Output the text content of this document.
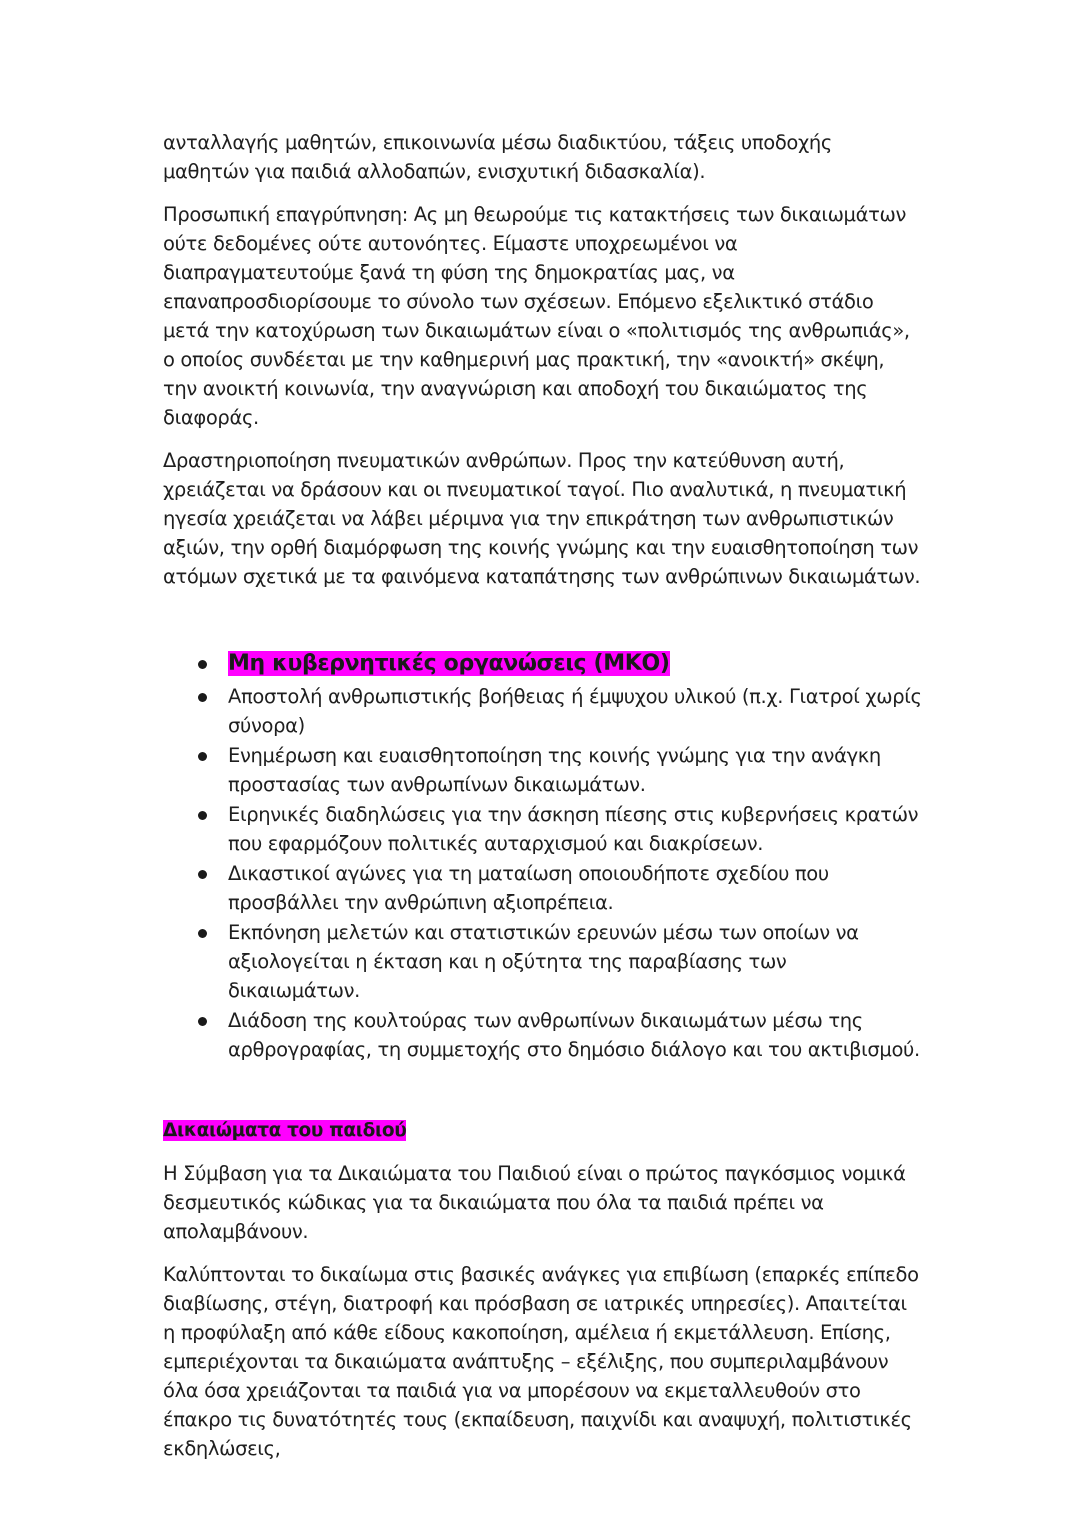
ανταλλαγής μαθητών, επικοινωνία μέσω διαδικτύου, τάξεις υποδοχής μαθητών για παιδιά αλλοδαπών, ενισχυτική διδασκαλία).

Προσωπική επαγρύπνηση: Ας μη θεωρούμε τις κατακτήσεις των δικαιωμάτων ούτε δεδομένες ούτε αυτονόητες. Είμαστε υποχρεωμένοι να διαπραγματευτούμε ξανά τη φύση της δημοκρατίας μας, να επαναπροσδιορίσουμε το σύνολο των σχέσεων. Επόμενο εξελικτικό στάδιο μετά την κατοχύρωση των δικαιωμάτων είναι ο «πολιτισμός της ανθρωπιάς», ο οποίος συνδέεται με την καθημερινή μας πρακτική, την «ανοικτή» σκέψη, την ανοικτή κοινωνία, την αναγνώριση και αποδοχή του δικαιώματος της διαφοράς.

Δραστηριοποίηση πνευματικών ανθρώπων. Προς την κατεύθυνση αυτή, χρειάζεται να δράσουν και οι πνευματικοί ταγοί. Πιο αναλυτικά, η πνευματική ηγεσία χρειάζεται να λάβει μέριμνα για την επικράτηση των ανθρωπιστικών αξιών, την ορθή διαμόρφωση της κοινής γνώμης και την ευαισθητοποίηση των ατόμων σχετικά με τα φαινόμενα καταπάτησης των ανθρώπινων δικαιωμάτων.

Μη κυβερνητικές οργανώσεις (ΜΚΟ)
Αποστολή ανθρωπιστικής βοήθειας ή έμψυχου υλικού (π.χ. Γιατροί χωρίς σύνορα)
Ενημέρωση και ευαισθητοποίηση της κοινής γνώμης για την ανάγκη προστασίας των ανθρωπίνων δικαιωμάτων.
Ειρηνικές διαδηλώσεις για την άσκηση πίεσης στις κυβερνήσεις κρατών που εφαρμόζουν πολιτικές αυταρχισμού και διακρίσεων.
Δικαστικοί αγώνες για τη ματαίωση οποιουδήποτε σχεδίου που προσβάλλει την ανθρώπινη αξιοπρέπεια.
Εκπόνηση μελετών και στατιστικών ερευνών μέσω των οποίων να αξιολογείται η έκταση και η οξύτητα της παραβίασης των δικαιωμάτων.
Διάδοση της κουλτούρας των ανθρωπίνων δικαιωμάτων μέσω της αρθρογραφίας, τη συμμετοχής στο δημόσιο διάλογο και του ακτιβισμού.
Δικαιώματα του παιδιού

Η Σύμβαση για τα Δικαιώματα του Παιδιού είναι ο πρώτος παγκόσμιος νομικά δεσμευτικός κώδικας για τα δικαιώματα που όλα τα παιδιά πρέπει να απολαμβάνουν.

Καλύπτονται το δικαίωμα στις βασικές ανάγκες για επιβίωση (επαρκές επίπεδο διαβίωσης, στέγη, διατροφή και πρόσβαση σε ιατρικές υπηρεσίες). Απαιτείται η προφύλαξη από κάθε είδους κακοποίηση, αμέλεια ή εκμετάλλευση. Επίσης, εμπεριέχονται τα δικαιώματα ανάπτυξης – εξέλιξης, που συμπεριλαμβάνουν όλα όσα χρειάζονται τα παιδιά για να μπορέσουν να εκμεταλλευθούν στο έπακρο τις δυνατότητές τους (εκπαίδευση, παιχνίδι και αναψυχή, πολιτιστικές εκδηλώσεις,
